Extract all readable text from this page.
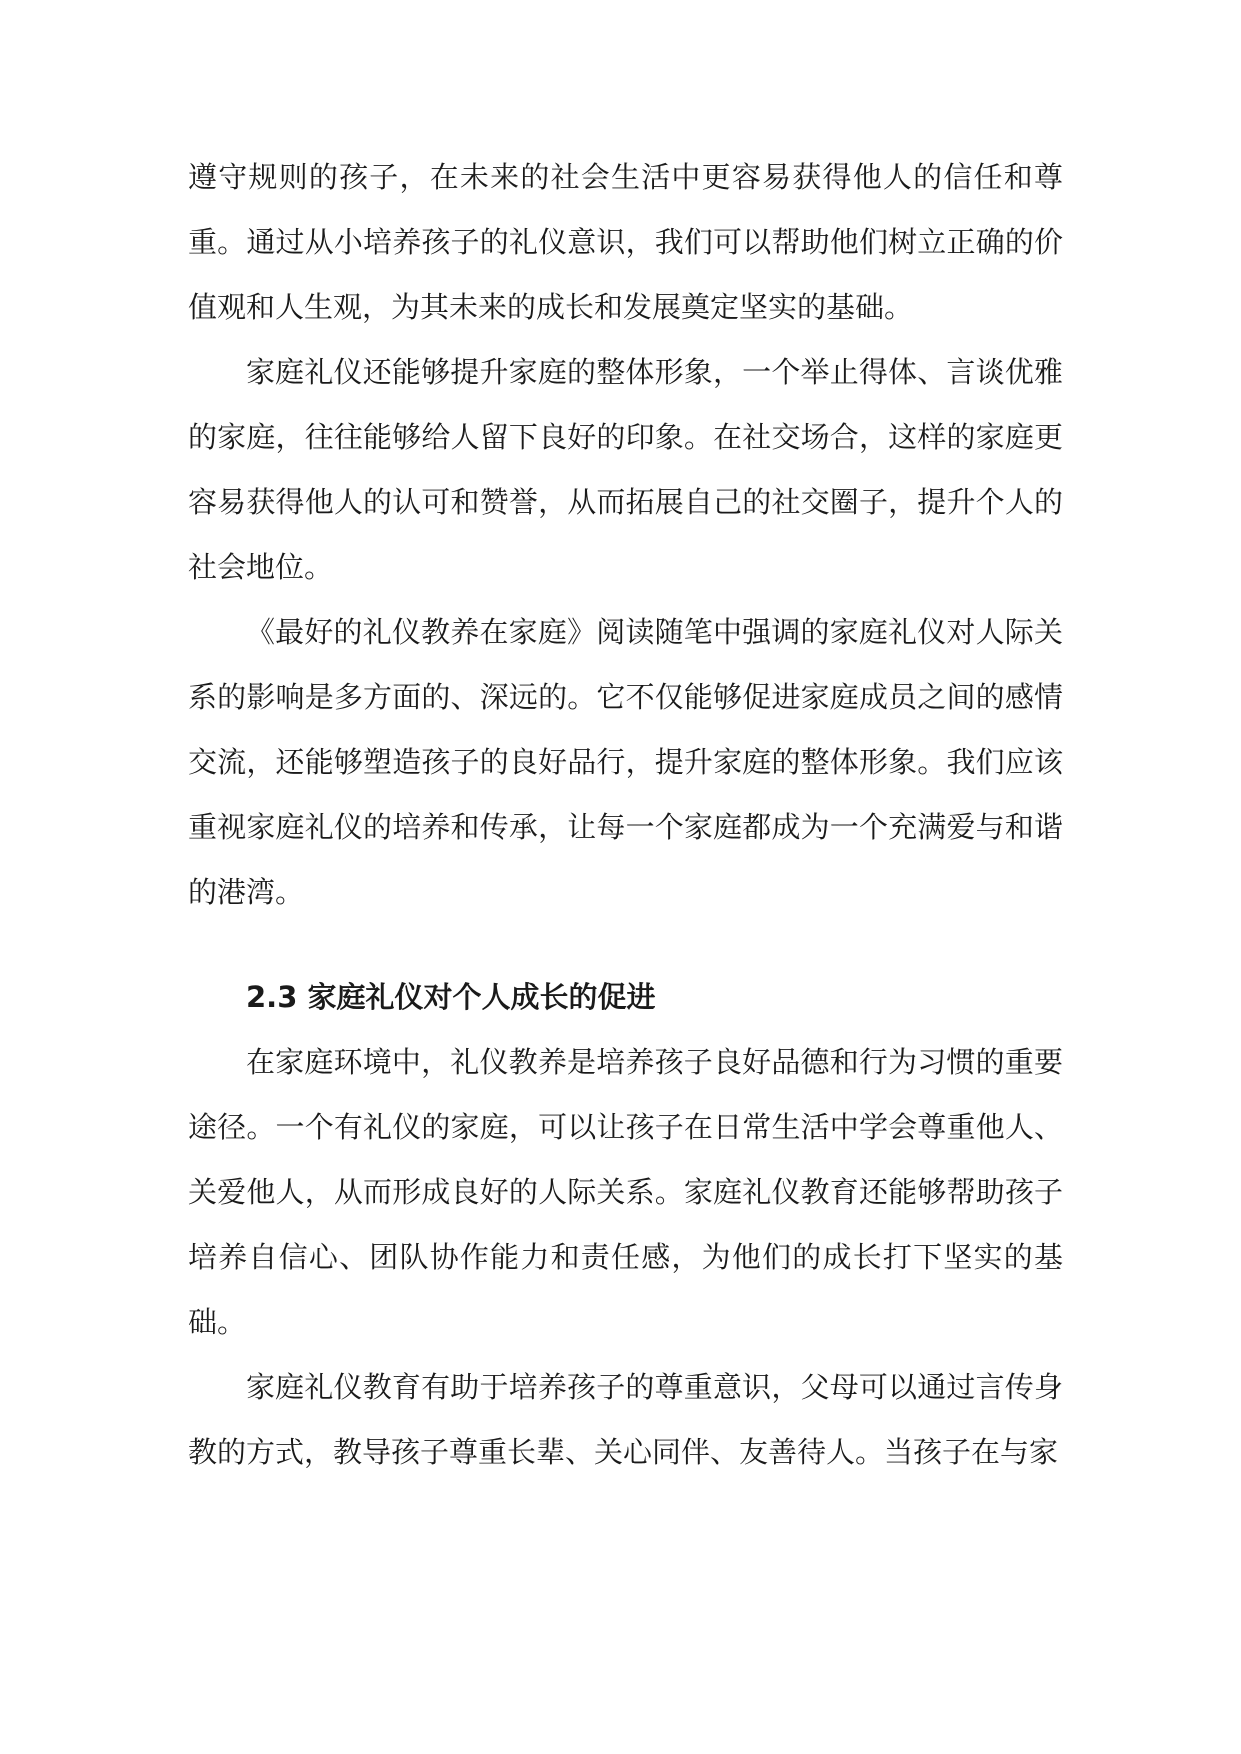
遵守规则的孩子，在未来的社会生活中更容易获得他人的信任和尊重。通过从小培养孩子的礼仪意识，我们可以帮助他们树立正确的价值观和人生观，为其未来的成长和发展奠定坚实的基础。

家庭礼仪还能够提升家庭的整体形象，一个举止得体、言谈优雅的家庭，往往能够给人留下良好的印象。在社交场合，这样的家庭更容易获得他人的认可和赞誉，从而拓展自己的社交圈子，提升个人的社会地位。

《最好的礼仪教养在家庭》阅读随笔中强调的家庭礼仪对人际关系的影响是多方面的、深远的。它不仅能够促进家庭成员之间的感情交流，还能够塑造孩子的良好品行，提升家庭的整体形象。我们应该重视家庭礼仪的培养和传承，让每一个家庭都成为一个充满爱与和谐的港湾。

2.3 家庭礼仪对个人成长的促进

在家庭环境中，礼仪教养是培养孩子良好品德和行为习惯的重要途径。一个有礼仪的家庭，可以让孩子在日常生活中学会尊重他人、关爱他人，从而形成良好的人际关系。家庭礼仪教育还能够帮助孩子培养自信心、团队协作能力和责任感，为他们的成长打下坚实的基础。

家庭礼仪教育有助于培养孩子的尊重意识，父母可以通过言传身教的方式，教导孩子尊重长辈、关心同伴、友善待人。当孩子在与家
